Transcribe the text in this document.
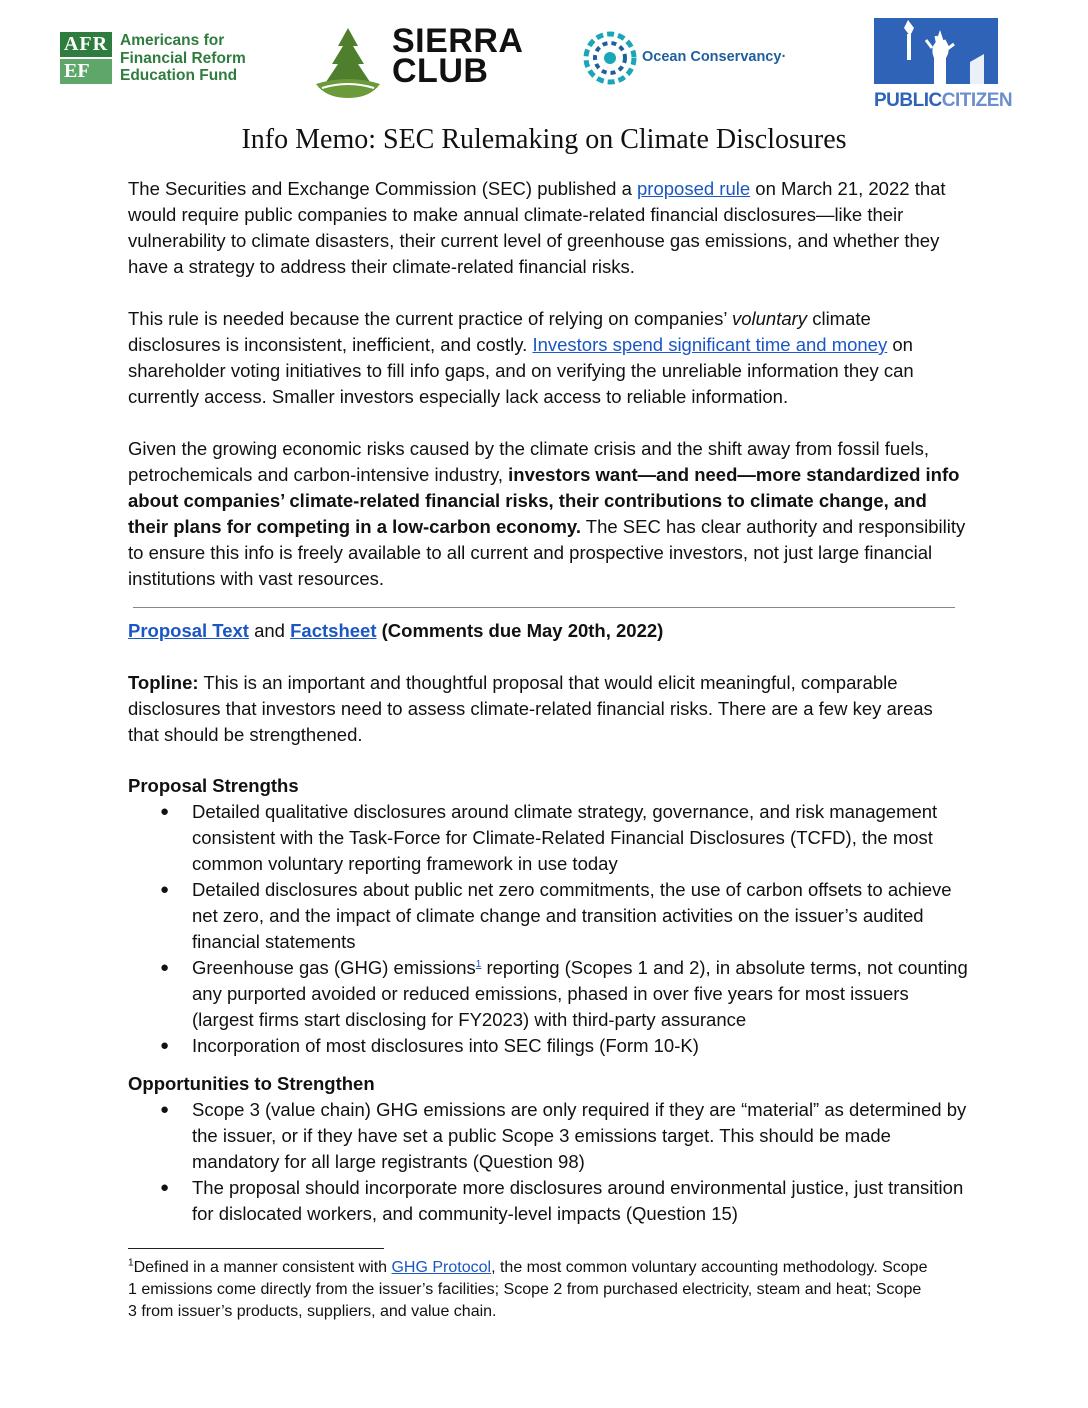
AFR
EF
Americans for
Financial Reform
Education Fund
SIERRA
CLUB	Ocean Conservancy·
PUBLICCITIZEN
Info Memo: SEC Rulemaking on Climate Disclosures

The Securities and Exchange Commission (SEC) published a proposed rule on March 21, 2022 that would require public companies to make annual climate-related financial disclosures—like their vulnerability to climate disasters, their current level of greenhouse gas emissions, and whether they have a strategy to address their climate-related financial risks.

This rule is needed because the current practice of relying on companies’ voluntary climate disclosures is inconsistent, inefficient, and costly. Investors spend significant time and money on shareholder voting initiatives to fill info gaps, and on verifying the unreliable information they can currently access. Smaller investors especially lack access to reliable information.

Given the growing economic risks caused by the climate crisis and the shift away from fossil fuels, petrochemicals and carbon-intensive industry, investors want—and need—more standardized info about companies’ climate-related financial risks, their contributions to climate change, and their plans for competing in a low-carbon economy. The SEC has clear authority and responsibility to ensure this info is freely available to all current and prospective investors, not just large financial institutions with vast resources.

Proposal Text and Factsheet (Comments due May 20th, 2022)

Topline: This is an important and thoughtful proposal that would elicit meaningful, comparable disclosures that investors need to assess climate-related financial risks. There are a few key areas that should be strengthened.

Proposal Strengths

● Detailed qualitative disclosures around climate strategy, governance, and risk management consistent with the Task-Force for Climate-Related Financial Disclosures (TCFD), the most common voluntary reporting framework in use today
● Detailed disclosures about public net zero commitments, the use of carbon offsets to achieve net zero, and the impact of climate change and transition activities on the issuer’s audited financial statements
● Greenhouse gas (GHG) emissions$^1$ reporting (Scopes 1 and 2), in absolute terms, not counting any purported avoided or reduced emissions, phased in over five years for most issuers (largest firms start disclosing for FY2023) with third-party assurance
● Incorporation of most disclosures into SEC filings (Form 10-K)

Opportunities to Strengthen

● Scope 3 (value chain) GHG emissions are only required if they are “material” as determined by the issuer, or if they have set a public Scope 3 emissions target. This should be made mandatory for all large registrants (Question 98)
● The proposal should incorporate more disclosures around environmental justice, just transition for dislocated workers, and community-level impacts (Question 15)

$^1$Defined in a manner consistent with GHG Protocol, the most common voluntary accounting methodology. Scope 1 emissions come directly from the issuer’s facilities; Scope 2 from purchased electricity, steam and heat; Scope 3 from issuer’s products, suppliers, and value chain.
